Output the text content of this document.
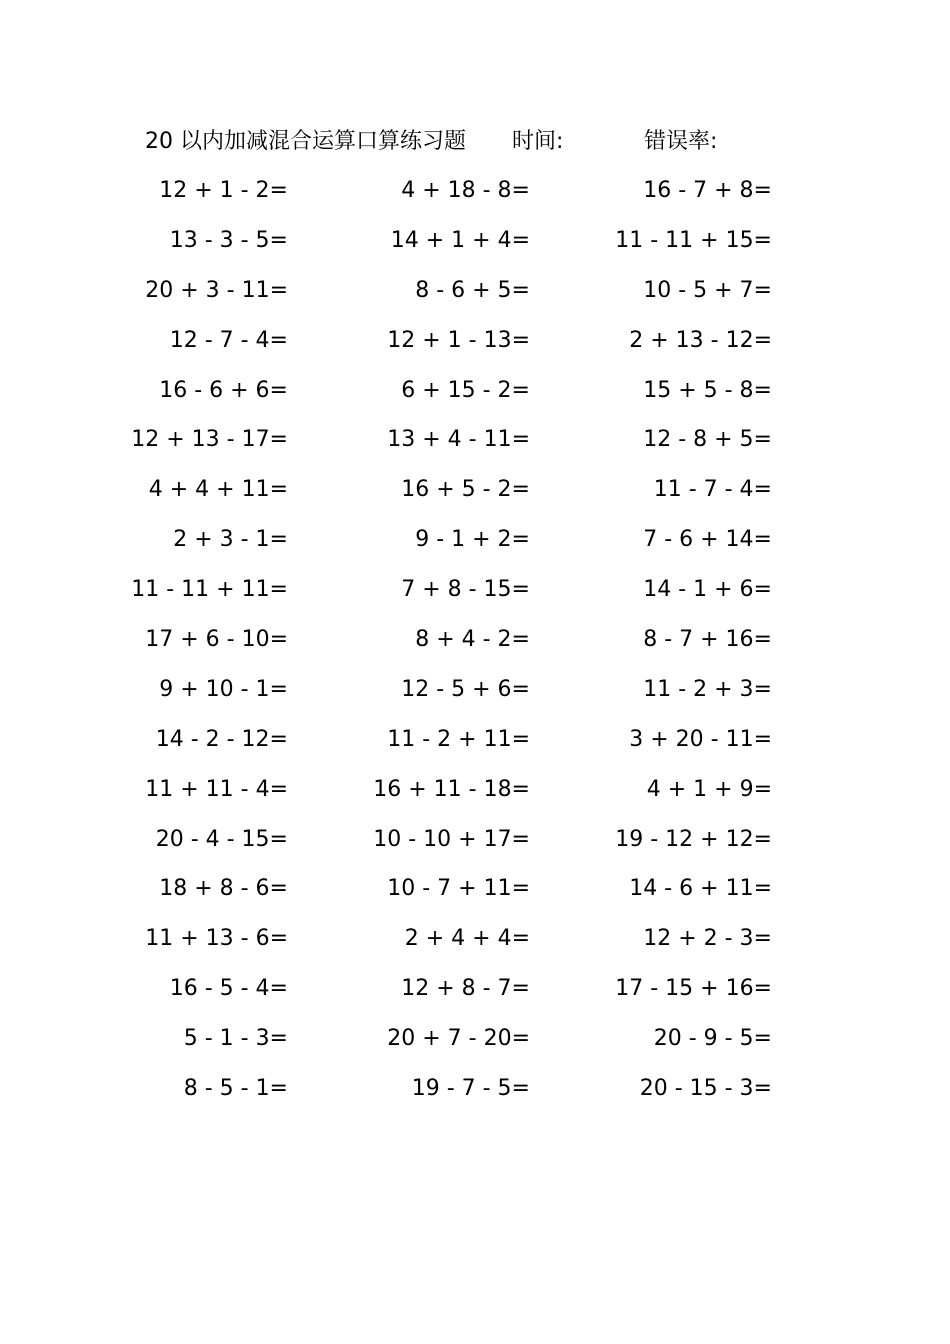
20 以内加减混合运算口算练习题 时间:	错误率:
12 + 1 - 2=	4 + 18 - 8=	16 - 7 + 8=
13 - 3 - 5=	14 + 1 + 4=	11 - 11 + 15=
20 + 3 - 11=	8 - 6 + 5=	10 - 5 + 7=
12 - 7 - 4=	12 + 1 - 13=	2 + 13 - 12=
16 - 6 + 6=	6 + 15 - 2=	15 + 5 - 8=
12 + 13 - 17=	13 + 4 - 11=	12 - 8 + 5=
4 + 4 + 11=	16 + 5 - 2=	11 - 7 - 4=
2 + 3 - 1=	9 - 1 + 2=	7 - 6 + 14=
11 - 11 + 11=	7 + 8 - 15=	14 - 1 + 6=
17 + 6 - 10=	8 + 4 - 2=	8 - 7 + 16=
9 + 10 - 1=	12 - 5 + 6=	11 - 2 + 3=
14 - 2 - 12=	11 - 2 + 11=	3 + 20 - 11=
11 + 11 - 4=	16 + 11 - 18=	4 + 1 + 9=
20 - 4 - 15=	10 - 10 + 17=	19 - 12 + 12=
18 + 8 - 6=	10 - 7 + 11=	14 - 6 + 11=
11 + 13 - 6=	2 + 4 + 4=	12 + 2 - 3=
16 - 5 - 4=	12 + 8 - 7=	17 - 15 + 16=
5 - 1 - 3=	20 + 7 - 20=	20 - 9 - 5=
8 - 5 - 1=	19 - 7 - 5=	20 - 15 - 3=
